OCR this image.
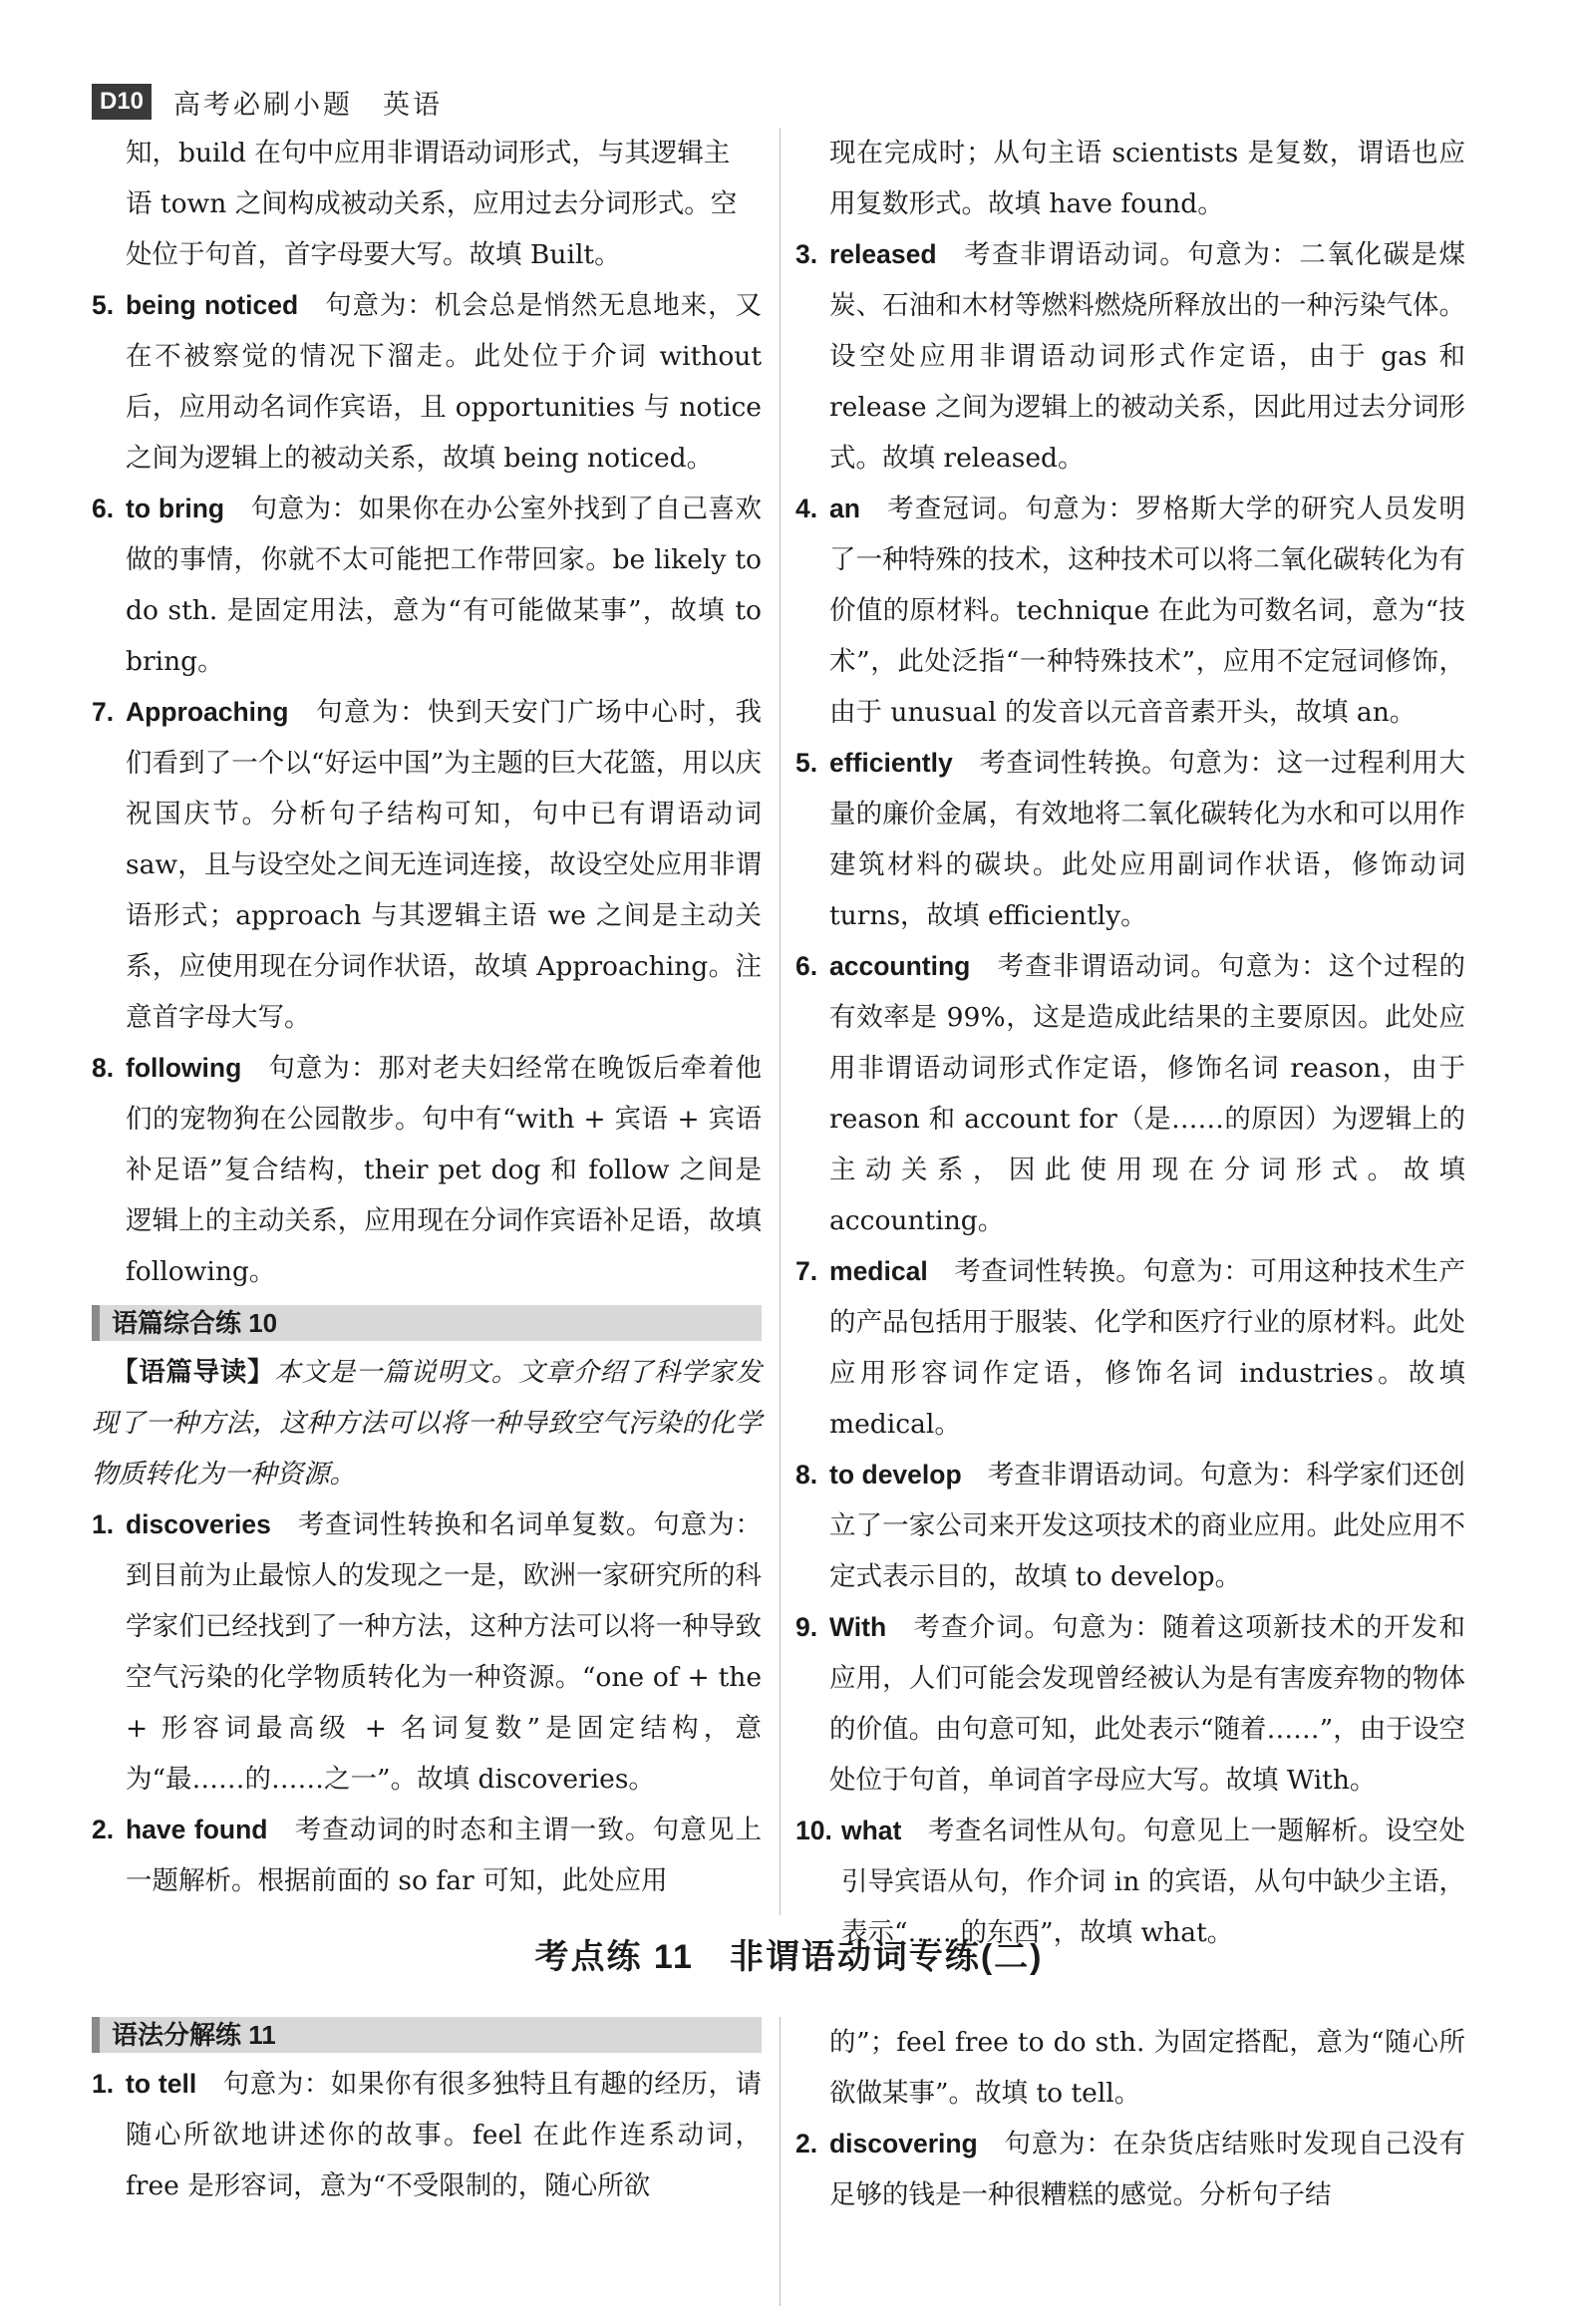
D10 高考必刷小题　英语
知，build 在句中应用非谓语动词形式，与其逻辑主
语 town 之间构成被动关系，应用过去分词形式。空
处位于句首，首字母要大写。故填 Built。
5. being noticed 句意为：机会总是悄然无息地来，又在不被察觉的情况下溜走。此处位于介词 without 后，应用动名词作宾语，且 opportunities 与 notice 之间为逻辑上的被动关系，故填 being noticed。
6. to bring 句意为：如果你在办公室外找到了自己喜欢做的事情，你就不太可能把工作带回家。be likely to do sth. 是固定用法，意为“有可能做某事”，故填 to bring。
7. Approaching 句意为：快到天安门广场中心时，我们看到了一个以“好运中国”为主题的巨大花篮，用以庆祝国庆节。分析句子结构可知，句中已有谓语动词 saw，且与设空处之间无连词连接，故设空处应用非谓语形式；approach 与其逻辑主语 we 之间是主动关系，应使用现在分词作状语，故填 Approaching。注意首字母大写。
8. following 句意为：那对老夫妇经常在晚饭后牵着他们的宠物狗在公园散步。句中有“with + 宾语 + 宾语补足语”复合结构，their pet dog 和 follow 之间是逻辑上的主动关系，应用现在分词作宾语补足语，故填 following。
语篇综合练 10
【语篇导读】本文是一篇说明文。文章介绍了科学家发现了一种方法，这种方法可以将一种导致空气污染的化学物质转化为一种资源。
1. discoveries 考查词性转换和名词单复数。句意为：到目前为止最惊人的发现之一是，欧洲一家研究所的科学家们已经找到了一种方法，这种方法可以将一种导致空气污染的化学物质转化为一种资源。“one of + the + 形容词最高级 + 名词复数”是固定结构，意为“最……的……之一”。故填 discoveries。
2. have found 考查动词的时态和主谓一致。句意见上一题解析。根据前面的 so far 可知，此处应用
现在完成时；从句主语 scientists 是复数，谓语也应用复数形式。故填 have found。
3. released 考查非谓语动词。句意为：二氧化碳是煤炭、石油和木材等燃料燃烧所释放出的一种污染气体。设空处应用非谓语动词形式作定语，由于 gas 和 release 之间为逻辑上的被动关系，因此用过去分词形式。故填 released。
4. an 考查冠词。句意为：罗格斯大学的研究人员发明了一种特殊的技术，这种技术可以将二氧化碳转化为有价值的原材料。technique 在此为可数名词，意为“技术”，此处泛指“一种特殊技术”，应用不定冠词修饰，由于 unusual 的发音以元音音素开头，故填 an。
5. efficiently 考查词性转换。句意为：这一过程利用大量的廉价金属，有效地将二氧化碳转化为水和可以用作建筑材料的碳块。此处应用副词作状语，修饰动词 turns，故填 efficiently。
6. accounting 考查非谓语动词。句意为：这个过程的有效率是 99%，这是造成此结果的主要原因。此处应用非谓语动词形式作定语，修饰名词 reason，由于 reason 和 account for（是……的原因）为逻辑上的主动关系，因此使用现在分词形式。故填 accounting。
7. medical 考查词性转换。句意为：可用这种技术生产的产品包括用于服装、化学和医疗行业的原材料。此处应用形容词作定语，修饰名词 industries。故填 medical。
8. to develop 考查非谓语动词。句意为：科学家们还创立了一家公司来开发这项技术的商业应用。此处应用不定式表示目的，故填 to develop。
9. With 考查介词。句意为：随着这项新技术的开发和应用，人们可能会发现曾经被认为是有害废弃物的物体的价值。由句意可知，此处表示“随着……”，由于设空处位于句首，单词首字母应大写。故填 With。
10. what 考查名词性从句。句意见上一题解析。设空处引导宾语从句，作介词 in 的宾语，从句中缺少主语，表示“……的东西”，故填 what。
考点练 11　非谓语动词专练(二)
语法分解练 11
1. to tell 句意为：如果你有很多独特且有趣的经历，请随心所欲地讲述你的故事。feel 在此作连系动词，free 是形容词，意为“不受限制的，随心所欲
的”；feel free to do sth. 为固定搭配，意为“随心所欲做某事”。故填 to tell。
2. discovering 句意为：在杂货店结账时发现自己没有足够的钱是一种很糟糕的感觉。分析句子结
